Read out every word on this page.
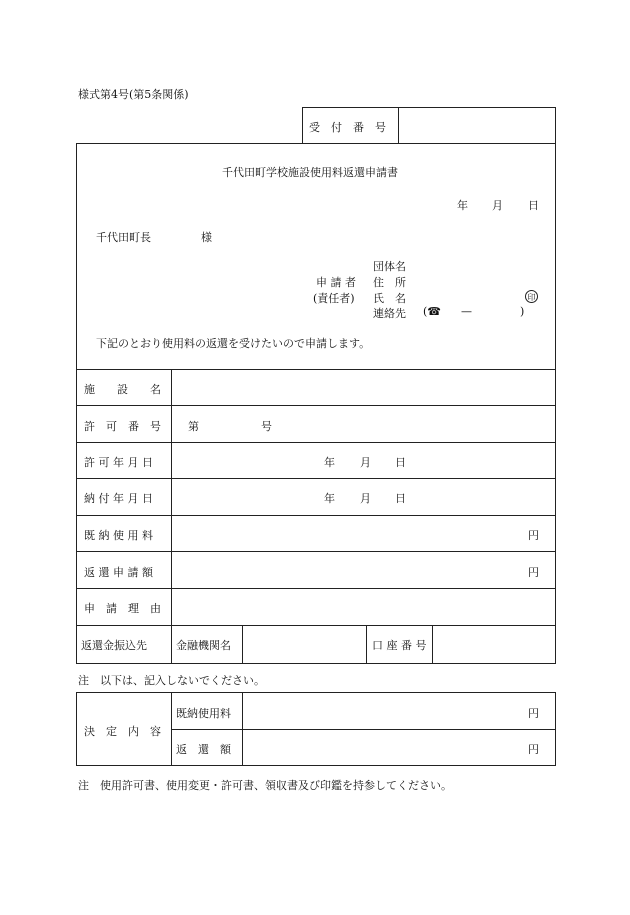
様式第4号(第5条関係)
受　付　番　号
千代田町学校施設使用料返還申請書
年 月 日
千代田町長	様
団体名
申 請 者 住　所
(責任者) 氏　名	印
連絡先 (☎ —	)
下記のとおり使用料の返還を受けたいので申請します。
施　　設　　名
許　可　番　号 第	号
許 可 年 月 日	年 月 日
納 付 年 月 日	年 月 日
既 納 使 用 料	円
返 還 申 請 額	円
申　請　理　由
返還金振込先	金融機関名	口 座 番 号
注　以下は、記入しないでください。
決　定　内　容
既納使用料	円
返　還　額	円
注　使用許可書、使用変更・許可書、領収書及び印鑑を持参してください。
